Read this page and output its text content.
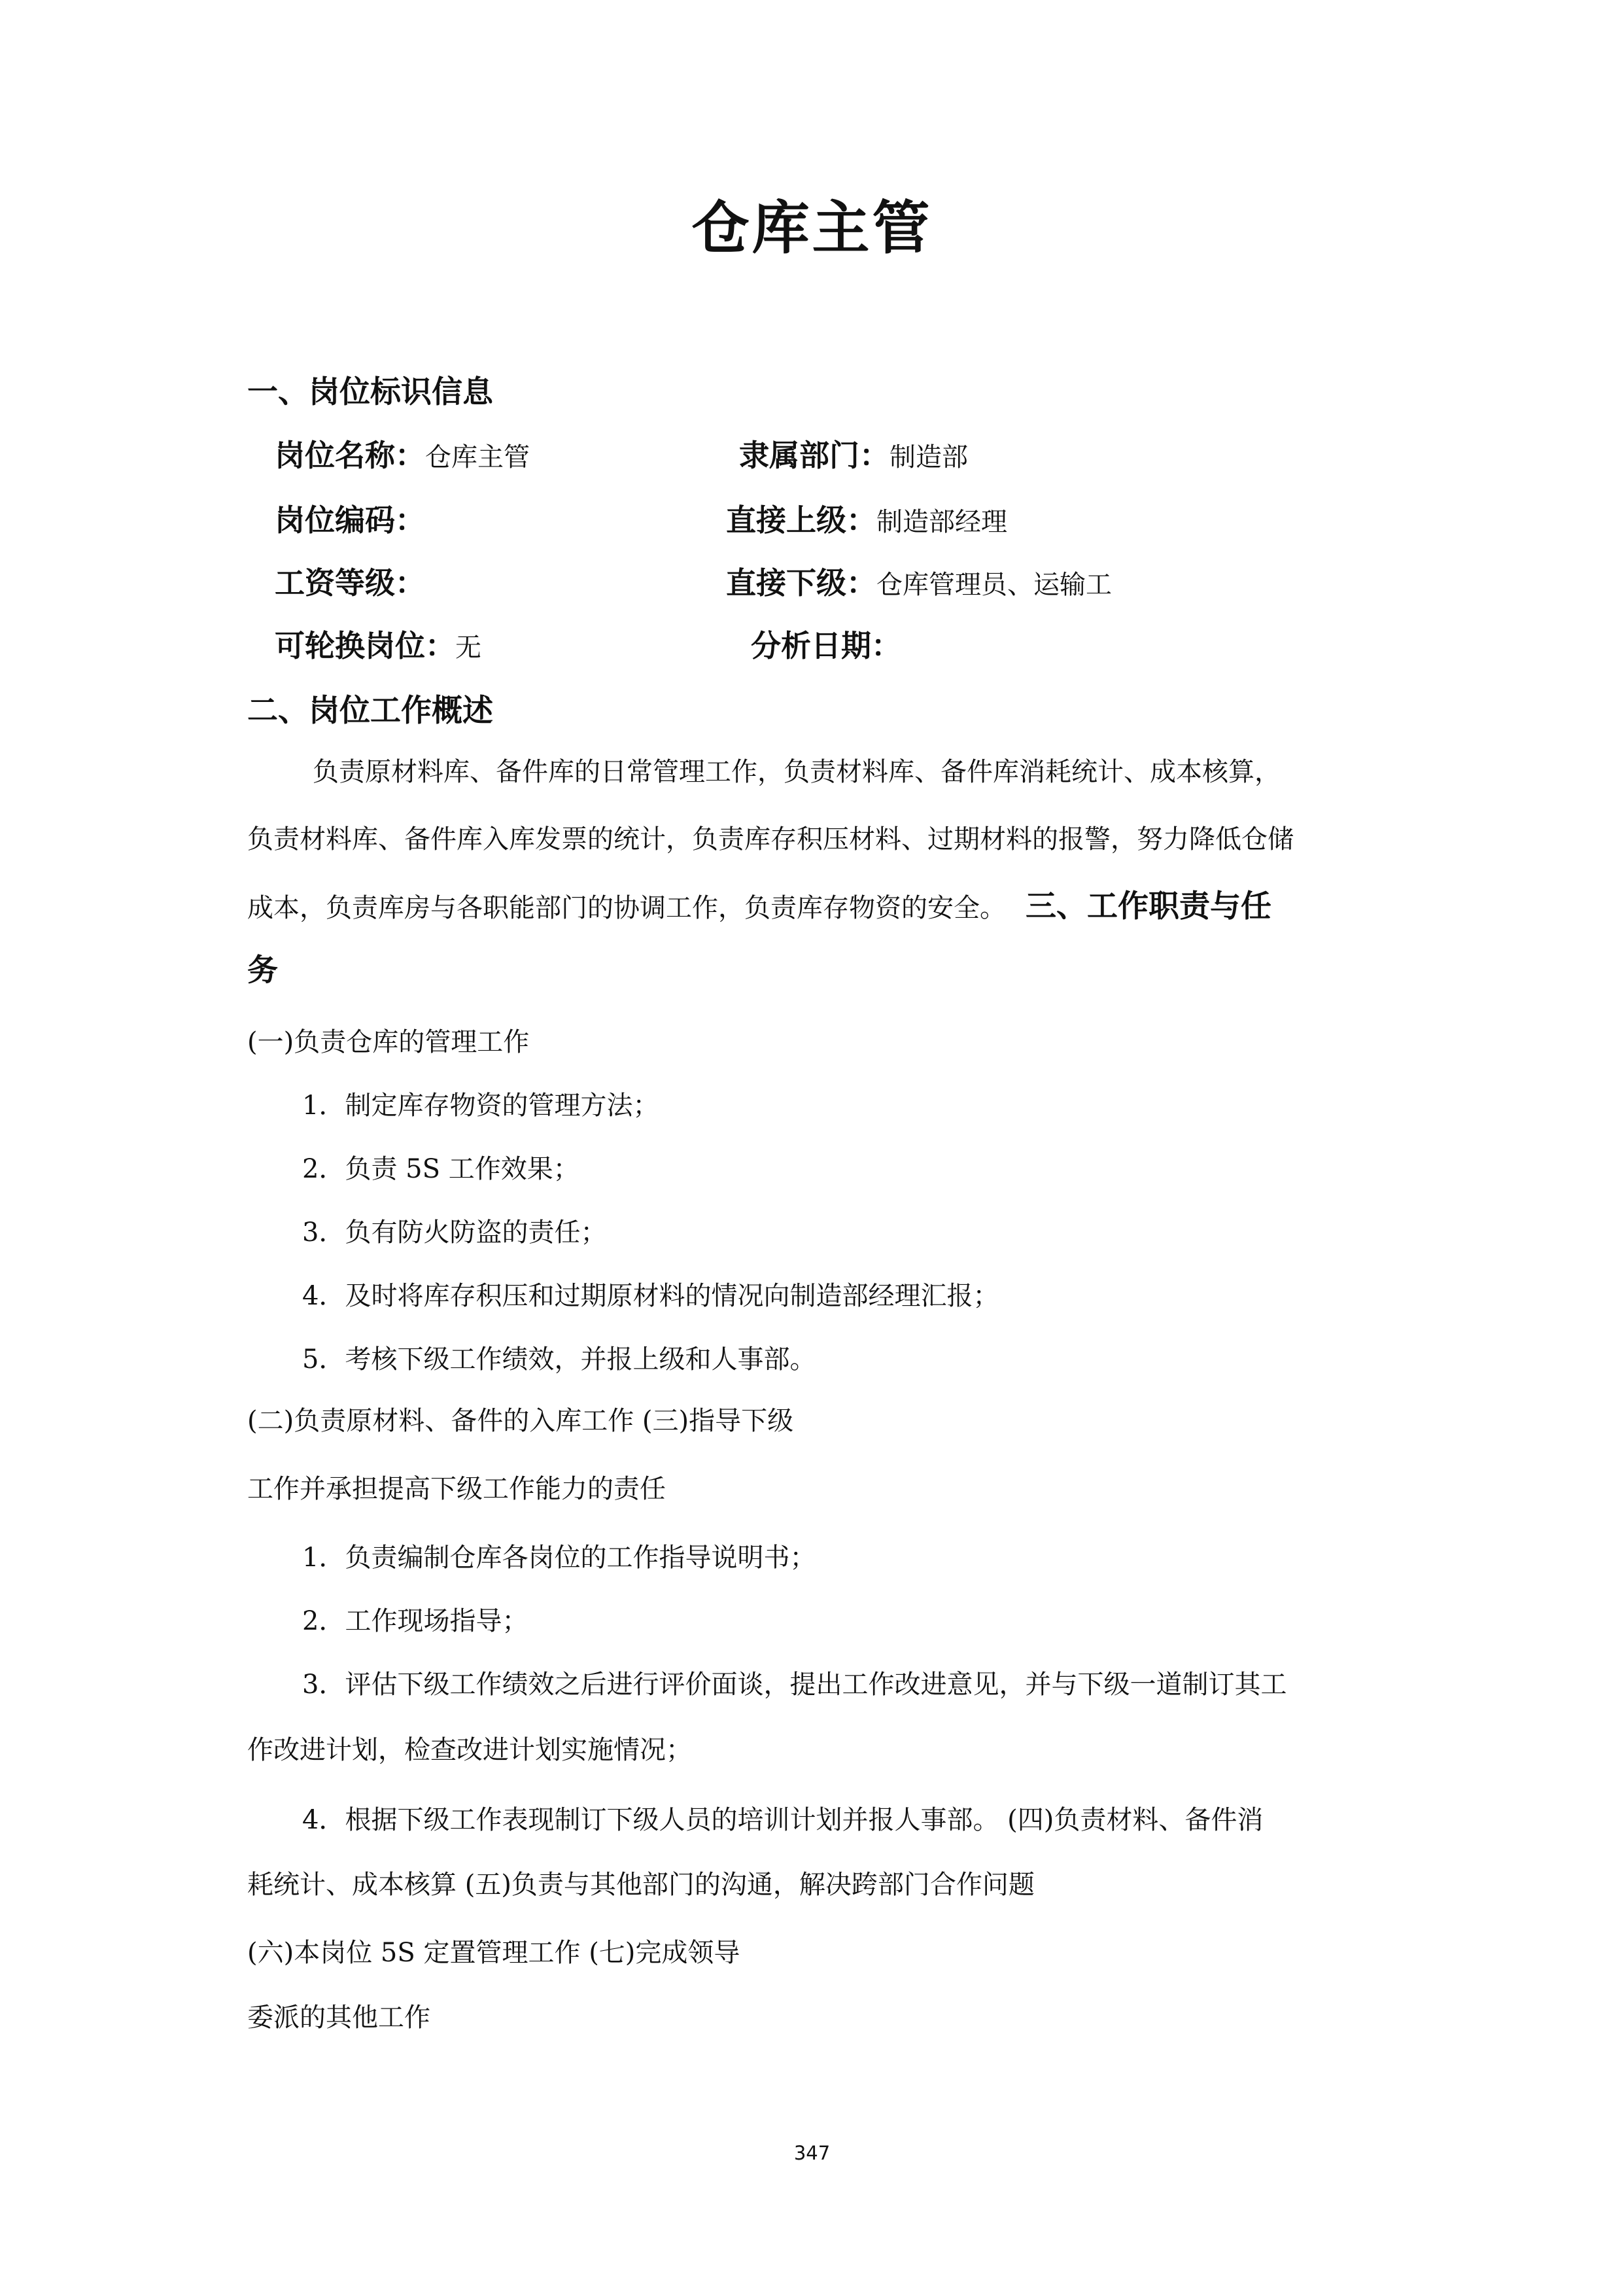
仓库主管
一、岗位标识信息
岗位名称：仓库主管	隶属部门：制造部
岗位编码：	直接上级：制造部经理
工资等级：	直接下级：仓库管理员、运输工
可轮换岗位：无	分析日期：
二、岗位工作概述
负责原材料库、备件库的日常管理工作，负责材料库、备件库消耗统计、成本核算，
负责材料库、备件库入库发票的统计，负责库存积压材料、过期材料的报警，努力降低仓储
成本，负责库房与各职能部门的协调工作，负责库存物资的安全。 三、工作职责与任
务
(一)负责仓库的管理工作
1．制定库存物资的管理方法；
2．负责 5S 工作效果；
3．负有防火防盗的责任；
4．及时将库存积压和过期原材料的情况向制造部经理汇报；
5．考核下级工作绩效，并报上级和人事部。
(二)负责原材料、备件的入库工作 (三)指导下级
工作并承担提高下级工作能力的责任
1．负责编制仓库各岗位的工作指导说明书；
2．工作现场指导；
3．评估下级工作绩效之后进行评价面谈，提出工作改进意见，并与下级一道制订其工
作改进计划，检查改进计划实施情况；
4．根据下级工作表现制订下级人员的培训计划并报人事部。 (四)负责材料、备件消
耗统计、成本核算 (五)负责与其他部门的沟通，解决跨部门合作问题
(六)本岗位 5S 定置管理工作 (七)完成领导
委派的其他工作
347
